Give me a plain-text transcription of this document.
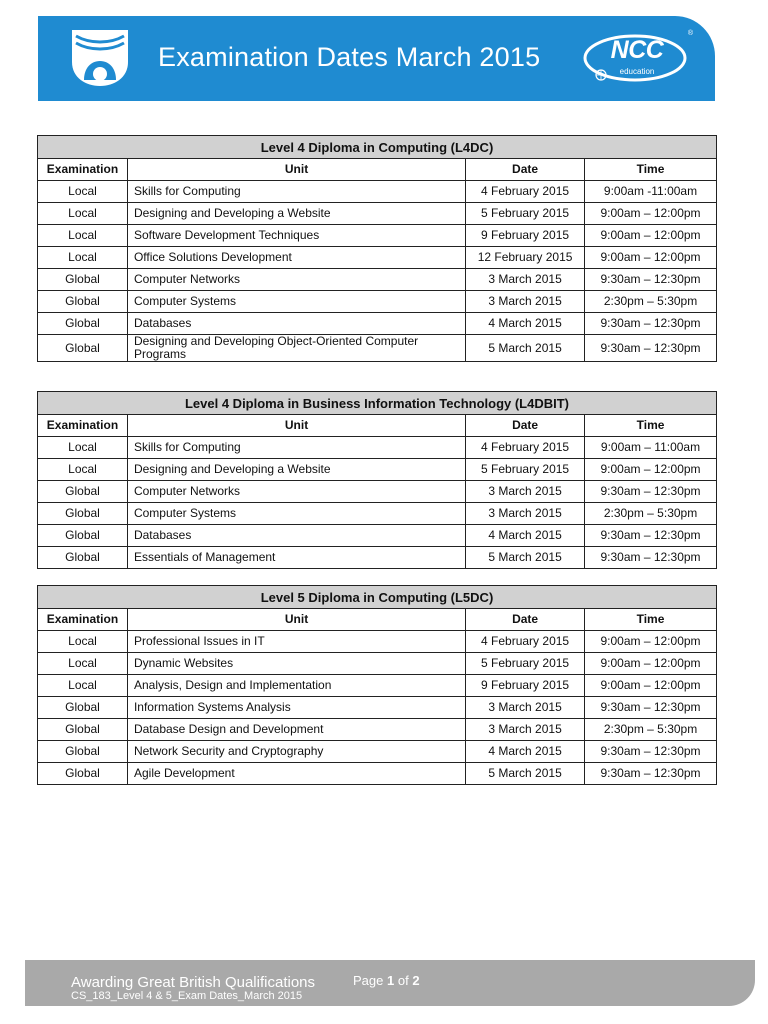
Examination Dates March 2015	NCC
education
®
Level 4 Diploma in Computing (L4DC)			
Examination	Unit	Date	Time
Local	Skills for Computing	4 February 2015	9:00am -11:00am
Local	Designing and Developing a Website	5 February 2015	9:00am – 12:00pm
Local	Software Development Techniques	9 February 2015	9:00am – 12:00pm
Local	Office Solutions Development	12 February 2015	9:00am – 12:00pm
Global	Computer Networks	3 March 2015	9:30am – 12:30pm
Global	Computer Systems	3 March 2015	2:30pm – 5:30pm
Global	Databases	4 March 2015	9:30am – 12:30pm
Global	Designing and Developing Object-Oriented Computer Programs	5 March 2015	9:30am – 12:30pm
Level 4 Diploma in Business Information Technology (L4DBIT)			
Examination	Unit	Date	Time
Local	Skills for Computing	4 February 2015	9:00am – 11:00am
Local	Designing and Developing a Website	5 February 2015	9:00am – 12:00pm
Global	Computer Networks	3 March 2015	9:30am – 12:30pm
Global	Computer Systems	3 March 2015	2:30pm – 5:30pm
Global	Databases	4 March 2015	9:30am – 12:30pm
Global	Essentials of Management	5 March 2015	9:30am – 12:30pm
Level 5 Diploma in Computing (L5DC)			
Examination	Unit	Date	Time
Local	Professional Issues in IT	4 February 2015	9:00am – 12:00pm
Local	Dynamic Websites	5 February 2015	9:00am – 12:00pm
Local	Analysis, Design and Implementation	9 February 2015	9:00am – 12:00pm
Global	Information Systems Analysis	3 March 2015	9:30am – 12:30pm
Global	Database Design and Development	3 March 2015	2:30pm – 5:30pm
Global	Network Security and Cryptography	4 March 2015	9:30am – 12:30pm
Global	Agile Development	5 March 2015	9:30am – 12:30pm
Awarding Great British Qualifications	Page 1 of 2
CS_183_Level 4 & 5_Exam Dates_March 2015
